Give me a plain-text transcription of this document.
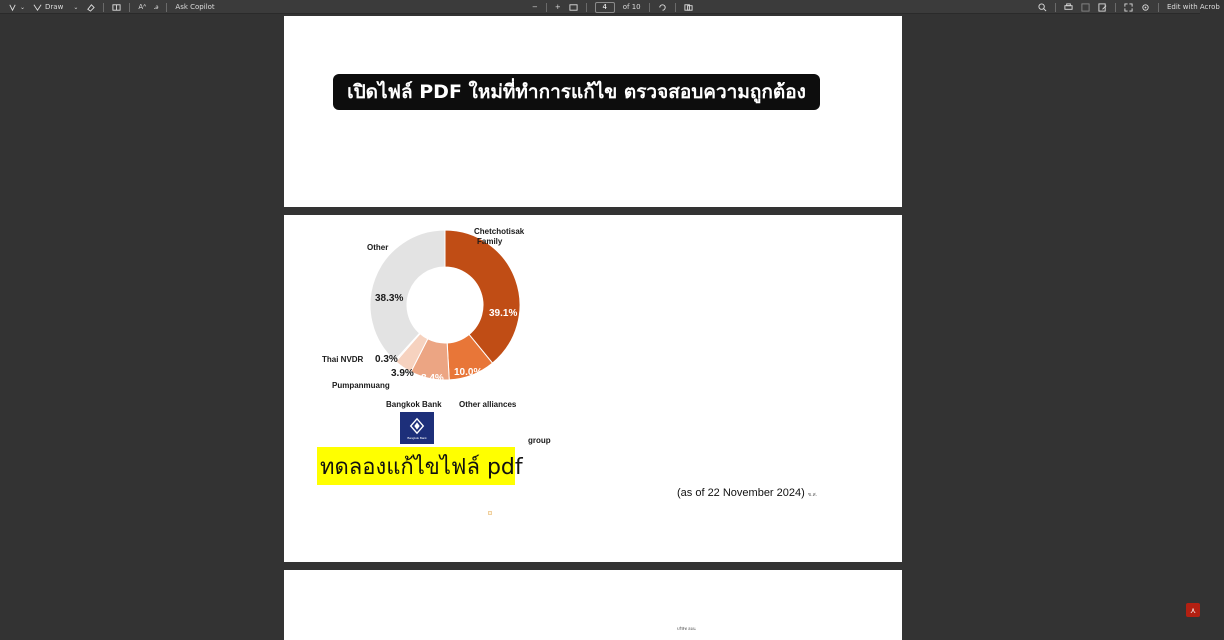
⌄	Draw ⌄	Aᴬ ꭿ Ask Copilot	− +	4	of 10	Edit with Acrob
เปิดไฟล์ PDF ใหม่ที่ทำการแก้ไข ตรวจสอบความถูกต้อง
Chetchotisak
Family
Other
38.3%
39.1%
10.0%
8.4%
3.9%
Thai NVDR 0.3%
Pumpanmuang
Bangkok Bank Other alliances
group
Bangkok Bank
ทดลองแก้ไขไฟล์ pdf
(as of 22 November 2024) ข.ส.
บริษัท ฮอน
⋏
